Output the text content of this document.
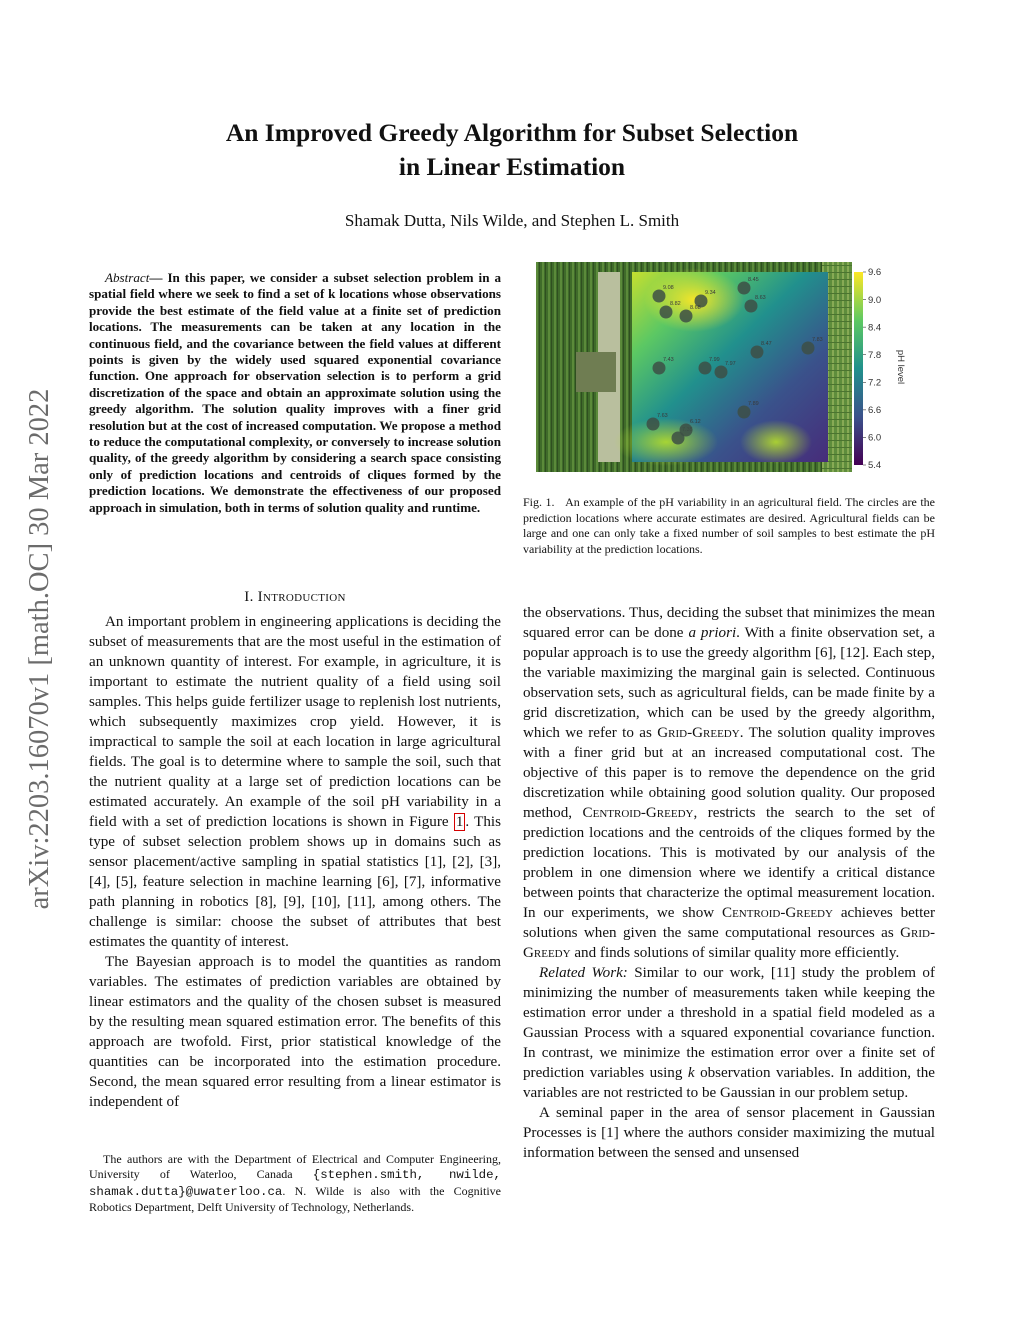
An Improved Greedy Algorithm for Subset Selection
in Linear Estimation

Shamak Dutta, Nils Wilde, and Stephen L. Smith

arXiv:2203.16070v1 [math.OC] 30 Mar 2022

Abstract— In this paper, we consider a subset selection problem in a spatial field where we seek to find a set of k locations whose observations provide the best estimate of the field value at a finite set of prediction locations. The measurements can be taken at any location in the continuous field, and the covariance between the field values at different points is given by the widely used squared exponential covariance function. One approach for observation selection is to perform a grid discretization of the space and obtain an approximate solution using the greedy algorithm. The solution quality improves with a finer grid resolution but at the cost of increased computation. We propose a method to reduce the computational complexity, or conversely to increase solution quality, of the greedy algorithm by considering a search space consisting only of prediction locations and centroids of cliques formed by the prediction locations. We demonstrate the effectiveness of our proposed approach in simulation, both in terms of solution quality and runtime.

I. Introduction

An important problem in engineering applications is deciding the subset of measurements that are the most useful in the estimation of an unknown quantity of interest. For example, in agriculture, it is important to estimate the nutrient quality of a field using soil samples. This helps guide fertilizer usage to replenish lost nutrients, which subsequently maximizes crop yield. However, it is impractical to sample the soil at each location in large agricultural fields. The goal is to determine where to sample the soil, such that the nutrient quality at a large set of prediction locations can be estimated accurately. An example of the soil pH variability in a field with a set of prediction locations is shown in Figure 1 . This type of subset selection problem shows up in domains such as sensor placement/active sampling in spatial statistics [1], [2], [3], [4], [5], feature selection in machine learning [6], [7], informative path planning in robotics [8], [9], [10], [11], among others. The challenge is similar: choose the subset of attributes that best estimates the quantity of interest.

The Bayesian approach is to model the quantities as random variables. The estimates of prediction variables are obtained by linear estimators and the quality of the chosen subset is measured by the resulting mean squared estimation error. The benefits of this approach are twofold. First, prior statistical knowledge of the quantities can be incorporated into the estimation procedure. Second, the mean squared error resulting from a linear estimator is independent of

The authors are with the Department of Electrical and Computer Engineering, University of Waterloo, Canada {stephen.smith, nwilde, shamak.dutta}@uwaterloo.ca. N. Wilde is also with the Cognitive Robotics Department, Delft University of Technology, Netherlands.

8.45
9.08
9.34
8.82
8.63
8.68
7.83
7.43	7.99
7.97
8.47
7.63
7.89
6.12
9.6
9.0
8.4
7.8
7.2
6.6
6.0
5.4
pH level

Fig. 1. An example of the pH variability in an agricultural field. The circles are the prediction locations where accurate estimates are desired. Agricultural fields can be large and one can only take a fixed number of soil samples to best estimate the pH variability at the prediction locations.

the observations. Thus, deciding the subset that minimizes the mean squared error can be done a priori. With a finite observation set, a popular approach is to use the greedy algorithm [6], [12]. Each step, the variable maximizing the marginal gain is selected. Continuous observation sets, such as agricultural fields, can be made finite by a grid discretization, which can be used by the greedy algorithm, which we refer to as Grid-Greedy. The solution quality improves with a finer grid but at an increased computational cost. The objective of this paper is to remove the dependence on the grid discretization while obtaining good solution quality. Our proposed method, Centroid-Greedy, restricts the search to the set of prediction locations and the centroids of the cliques formed by the prediction locations. This is motivated by our analysis of the problem in one dimension where we identify a critical distance between points that characterize the optimal measurement location. In our experiments, we show Centroid-Greedy achieves better solutions when given the same computational resources as Grid-Greedy and finds solutions of similar quality more efficiently.

Related Work: Similar to our work, [11] study the problem of minimizing the number of measurements taken while keeping the estimation error under a threshold in a spatial field modeled as a Gaussian Process with a squared exponential covariance function. In contrast, we minimize the estimation error over a finite set of prediction variables using k observation variables. In addition, the variables are not restricted to be Gaussian in our problem setup.

A seminal paper in the area of sensor placement in Gaussian Processes is [1] where the authors consider maximizing the mutual information between the sensed and unsensed
